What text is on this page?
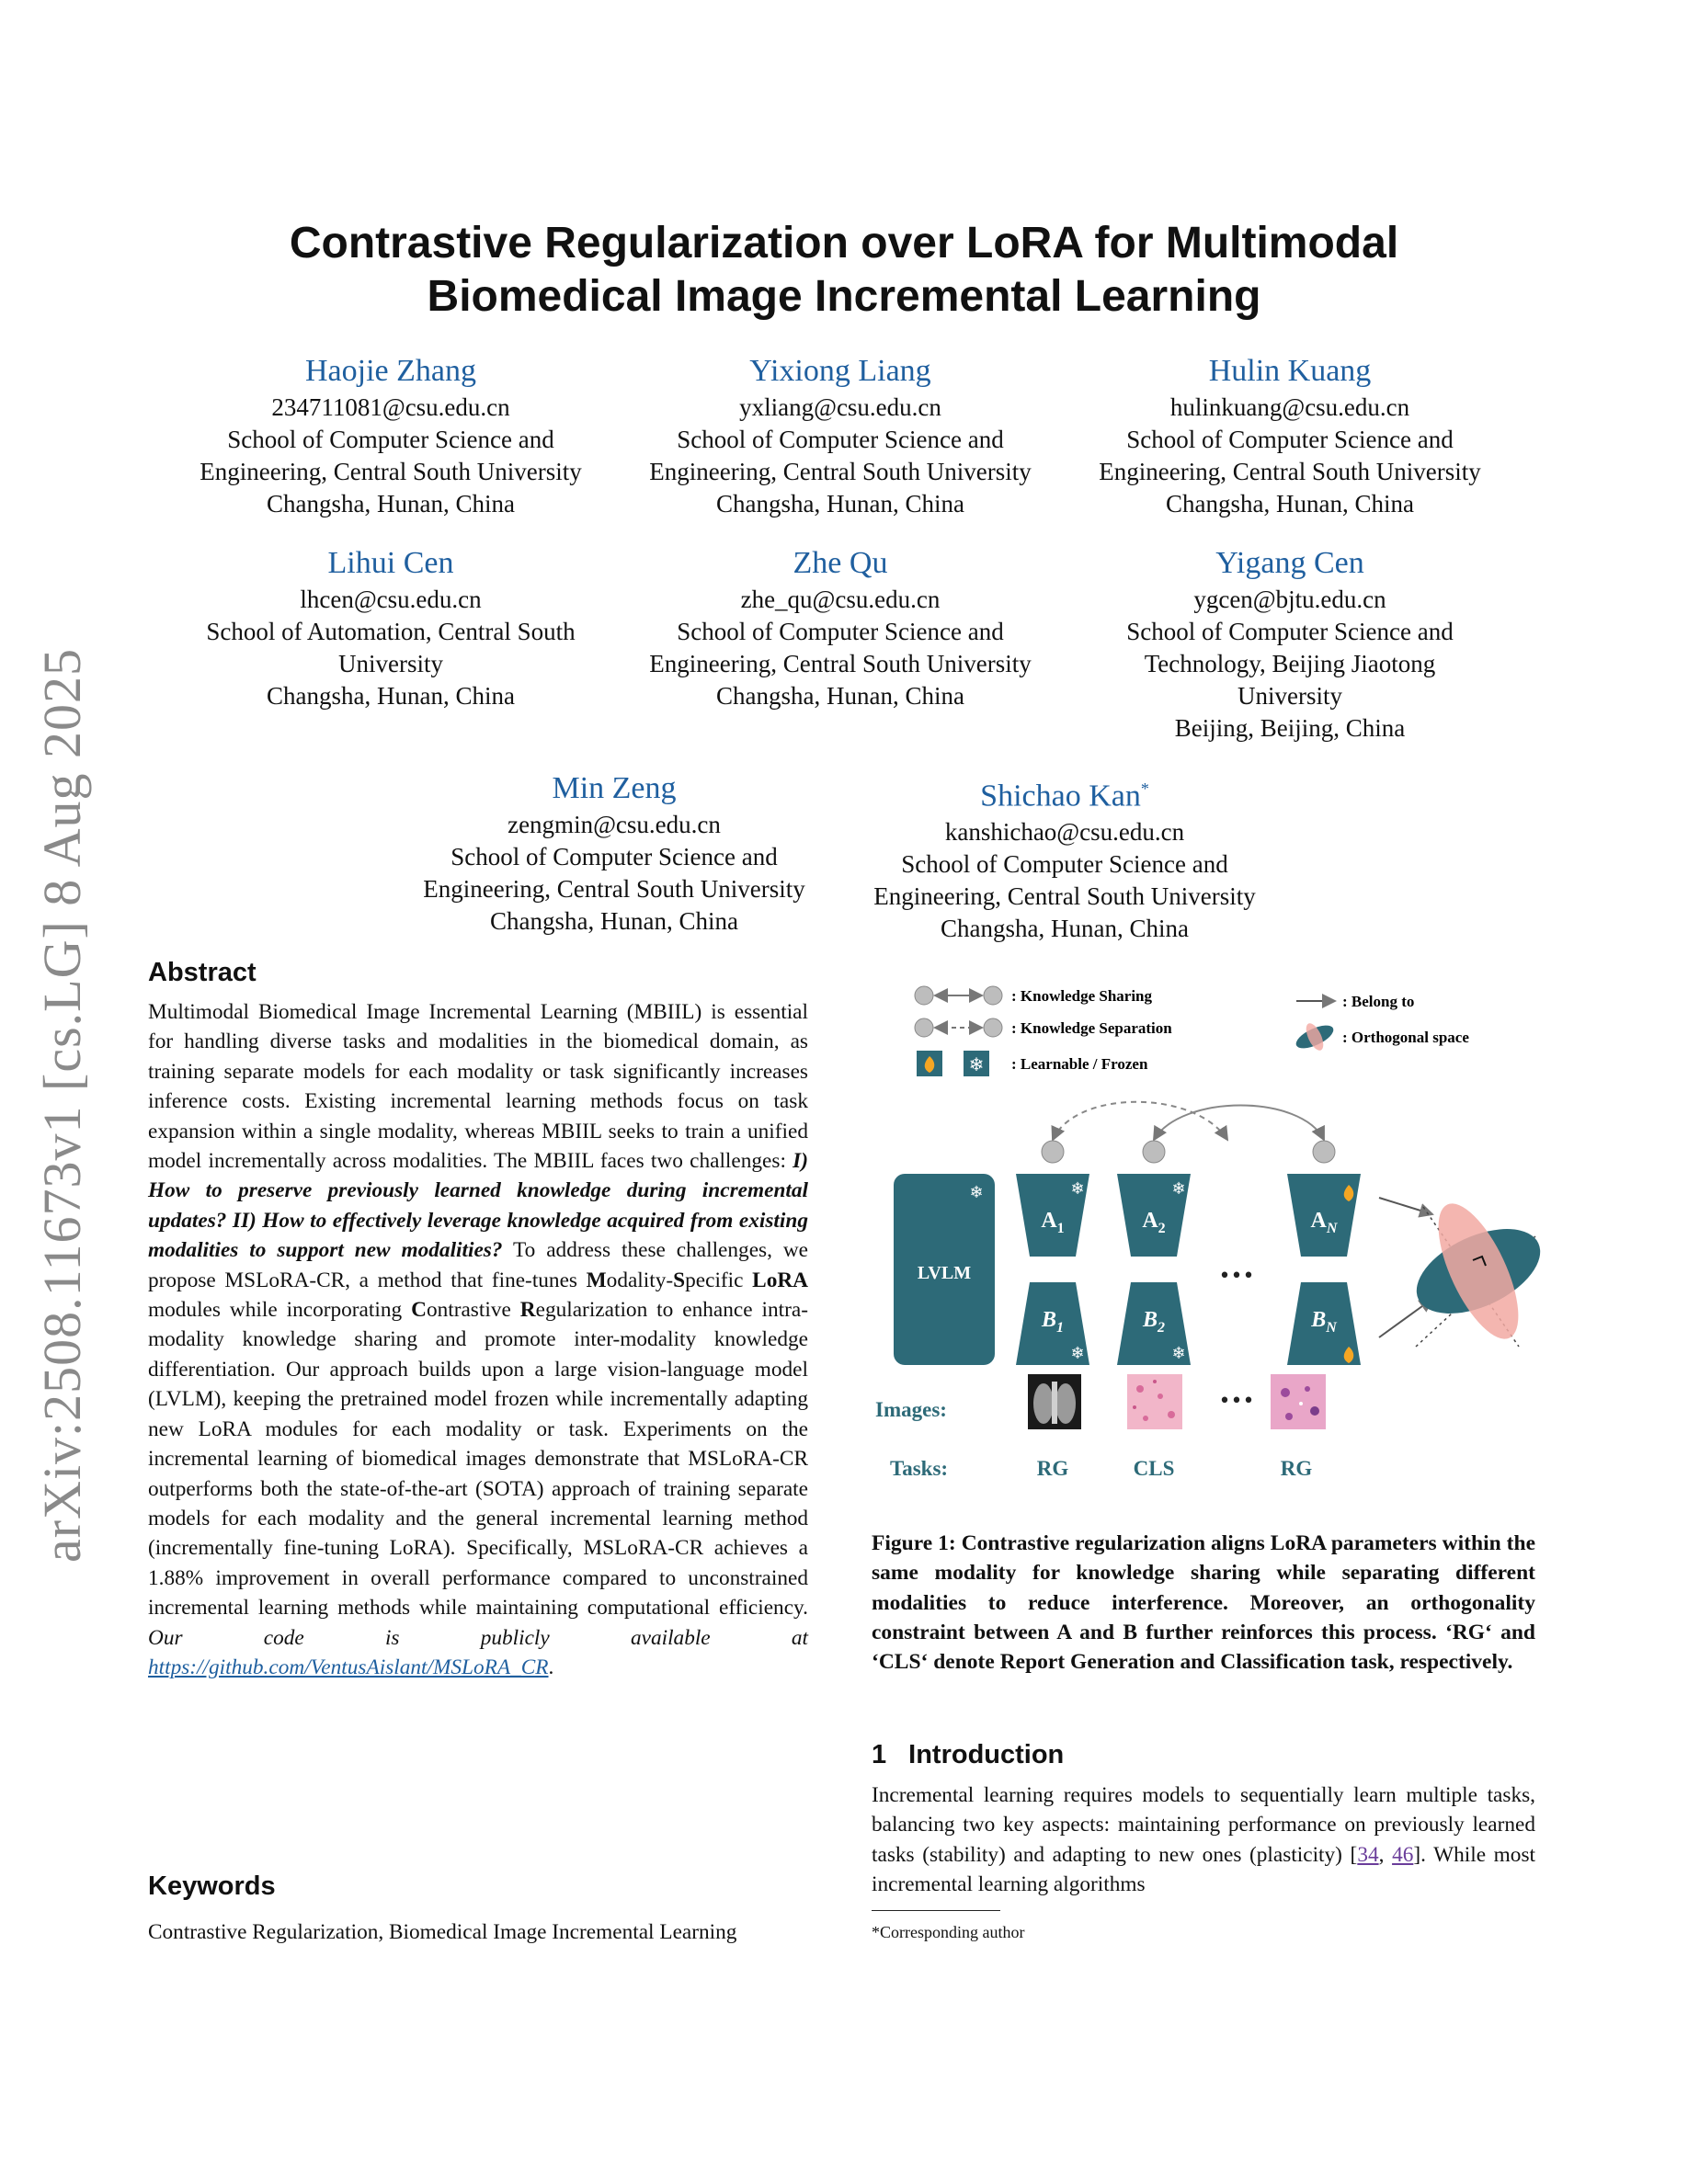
arXiv:2508.11673v1 [cs.LG] 8 Aug 2025
Contrastive Regularization over LoRA for Multimodal
Biomedical Image Incremental Learning
Haojie Zhang
234711081@csu.edu.cn
School of Computer Science and
Engineering, Central South University
Changsha, Hunan, China
Yixiong Liang
yxliang@csu.edu.cn
School of Computer Science and
Engineering, Central South University
Changsha, Hunan, China
Hulin Kuang
hulinkuang@csu.edu.cn
School of Computer Science and
Engineering, Central South University
Changsha, Hunan, China
Lihui Cen
lhcen@csu.edu.cn
School of Automation, Central South
University
Changsha, Hunan, China
Zhe Qu
zhe_qu@csu.edu.cn
School of Computer Science and
Engineering, Central South University
Changsha, Hunan, China
Yigang Cen
ygcen@bjtu.edu.cn
School of Computer Science and
Technology, Beijing Jiaotong
University
Beijing, Beijing, China
Min Zeng
zengmin@csu.edu.cn
School of Computer Science and
Engineering, Central South University
Changsha, Hunan, China
Shichao Kan*
kanshichao@csu.edu.cn
School of Computer Science and
Engineering, Central South University
Changsha, Hunan, China
Abstract
Multimodal Biomedical Image Incremental Learning (MBIIL) is essential for handling diverse tasks and modalities in the biomedical domain, as training separate models for each modality or task significantly increases inference costs. Existing incremental learning methods focus on task expansion within a single modality, whereas MBIIL seeks to train a unified model incrementally across modalities. The MBIIL faces two challenges: I) How to preserve previously learned knowledge during incremental updates? II) How to effectively leverage knowledge acquired from existing modalities to support new modalities? To address these challenges, we propose MSLoRA-CR, a method that fine-tunes Modality-Specific LoRA modules while incorporating Contrastive Regularization to enhance intra-modality knowledge sharing and promote inter-modality knowledge differentiation. Our approach builds upon a large vision-language model (LVLM), keeping the pretrained model frozen while incrementally adapting new LoRA modules for each modality or task. Experiments on the incremental learning of biomedical images demonstrate that MSLoRA-CR outperforms both the state-of-the-art (SOTA) approach of training separate models for each modality and the general incremental learning method (incrementally fine-tuning LoRA). Specifically, MSLoRA-CR achieves a 1.88% improvement in overall performance compared to unconstrained incremental learning methods while maintaining computational efficiency. Our code is publicly available at https://github.com/VentusAislant/MSLoRA_CR.
Keywords
Contrastive Regularization, Biomedical Image Incremental Learning
: Knowledge Sharing
: Knowledge Separation
❄ : Learnable / Frozen
: Belong to
: Orthogonal space
LVLM
❄
$A_1$
$B_1$
❄
❄
$A_2$
$B_2$
❄
❄
•••
$A_N$
$B_N$
Images:	•••
Tasks:	RG	CLS	RG
Figure 1: Contrastive regularization aligns LoRA parameters within the same modality for knowledge sharing while separating different modalities to reduce interference. Moreover, an orthogonality constraint between A and B further reinforces this process. ‘RG‘ and ‘CLS‘ denote Report Generation and Classification task, respectively.
1 Introduction
Incremental learning requires models to sequentially learn multiple tasks, balancing two key aspects: maintaining performance on previously learned tasks (stability) and adapting to new ones (plasticity) [34, 46]. While most incremental learning algorithms
*Corresponding author
